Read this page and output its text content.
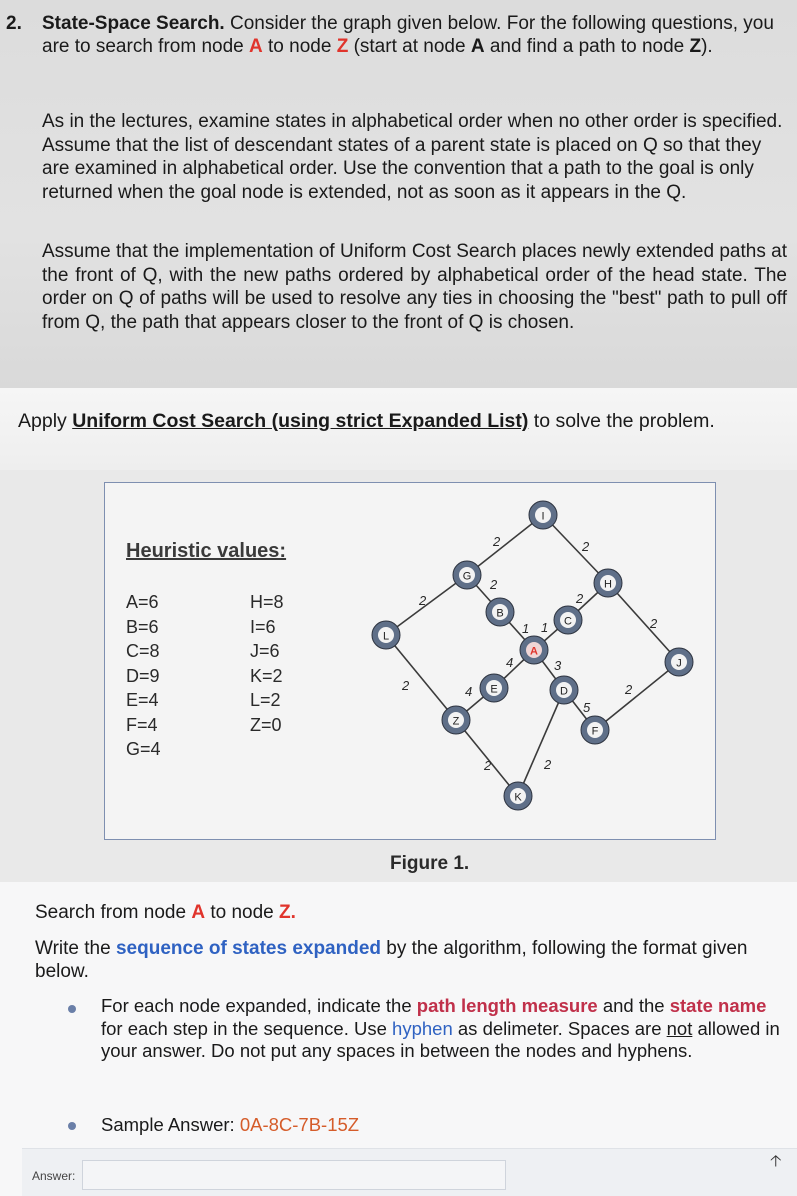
2. State-Space Search. Consider the graph given below. For the following questions, you are to search from node A to node Z (start at node A and find a path to node Z).
As in the lectures, examine states in alphabetical order when no other order is specified. Assume that the list of descendant states of a parent state is placed on Q so that they are examined in alphabetical order. Use the convention that a path to the goal is only returned when the goal node is extended, not as soon as it appears in the Q.
Assume that the implementation of Uniform Cost Search places newly extended paths at the front of Q, with the new paths ordered by alphabetical order of the head state. The order on Q of paths will be used to resolve any ties in choosing the "best" path to pull off from Q, the path that appears closer to the front of Q is chosen.
Apply Uniform Cost Search (using strict Expanded List) to solve the problem.
Heuristic values:
A=6
B=6
C=8
D=9
E=4
F=4
G=4
H=8
I=6
J=6
K=2
L=2
Z=0
2	2
2
2
2
2
1 1
4	3
2	4
5
2
2	2
I
G
H
B
C
L
A
J
E	D
F
Z
K
Figure 1.
Search from node A to node Z.
Write the sequence of states expanded by the algorithm, following the format given below.
For each node expanded, indicate the path length measure and the state name for each step in the sequence. Use hyphen as delimeter. Spaces are not allowed in your answer. Do not put any spaces in between the nodes and hyphens.
Sample Answer: 0A-8C-7B-15Z
Answer:
🡡
